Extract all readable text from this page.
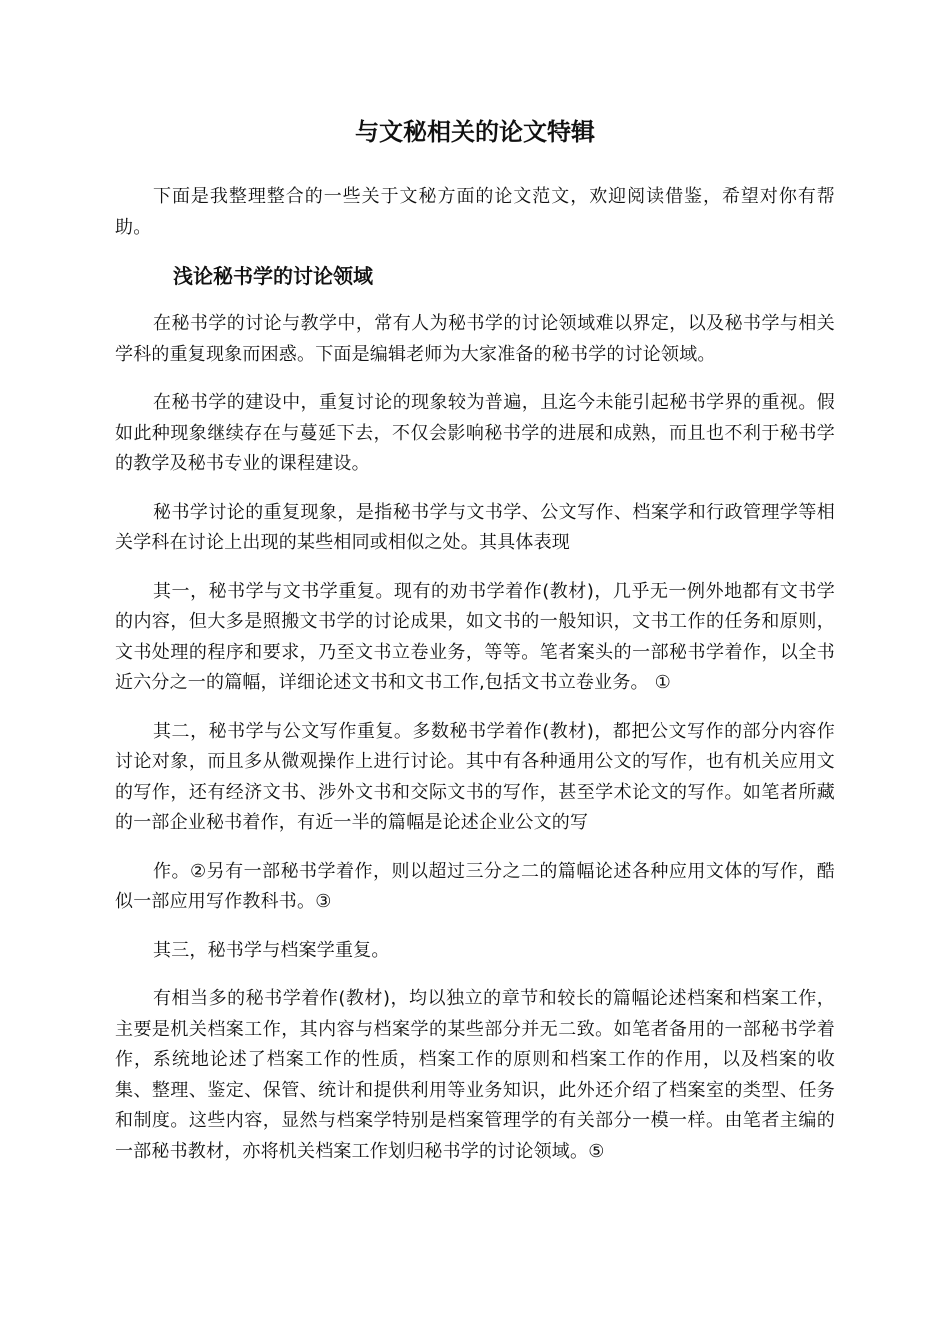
与文秘相关的论文特辑

下面是我整理整合的一些关于文秘方面的论文范文，欢迎阅读借鉴，希望对你有帮助。

浅论秘书学的讨论领域

在秘书学的讨论与教学中，常有人为秘书学的讨论领域难以界定，以及秘书学与相关学科的重复现象而困惑。下面是编辑老师为大家准备的秘书学的讨论领域。

在秘书学的建设中，重复讨论的现象较为普遍，且迄今未能引起秘书学界的重视。假如此种现象继续存在与蔓延下去，不仅会影响秘书学的进展和成熟，而且也不利于秘书学的教学及秘书专业的课程建设。

秘书学讨论的重复现象，是指秘书学与文书学、公文写作、档案学和行政管理学等相关学科在讨论上出现的某些相同或相似之处。其具体表现

其一，秘书学与文书学重复。现有的劝书学着作(教材)，几乎无一例外地都有文书学的内容，但大多是照搬文书学的讨论成果，如文书的一般知识，文书工作的任务和原则，文书处理的程序和要求，乃至文书立卷业务，等等。笔者案头的一部秘书学着作，以全书近六分之一的篇幅，详细论述文书和文书工作,包括文书立卷业务。 ①

其二，秘书学与公文写作重复。多数秘书学着作(教材)，都把公文写作的部分内容作讨论对象，而且多从微观操作上进行讨论。其中有各种通用公文的写作，也有机关应用文的写作，还有经济文书、涉外文书和交际文书的写作，甚至学术论文的写作。如笔者所藏的一部企业秘书着作，有近一半的篇幅是论述企业公文的写

作。②另有一部秘书学着作，则以超过三分之二的篇幅论述各种应用文体的写作，酷似一部应用写作教科书。③

其三，秘书学与档案学重复。

有相当多的秘书学着作(教材)，均以独立的章节和较长的篇幅论述档案和档案工作，主要是机关档案工作，其内容与档案学的某些部分并无二致。如笔者备用的一部秘书学着作，系统地论述了档案工作的性质，档案工作的原则和档案工作的作用，以及档案的收集、整理、鉴定、保管、统计和提供利用等业务知识，此外还介绍了档案室的类型、任务和制度。这些内容，显然与档案学特别是档案管理学的有关部分一模一样。由笔者主编的一部秘书教材，亦将机关档案工作划归秘书学的讨论领域。⑤
